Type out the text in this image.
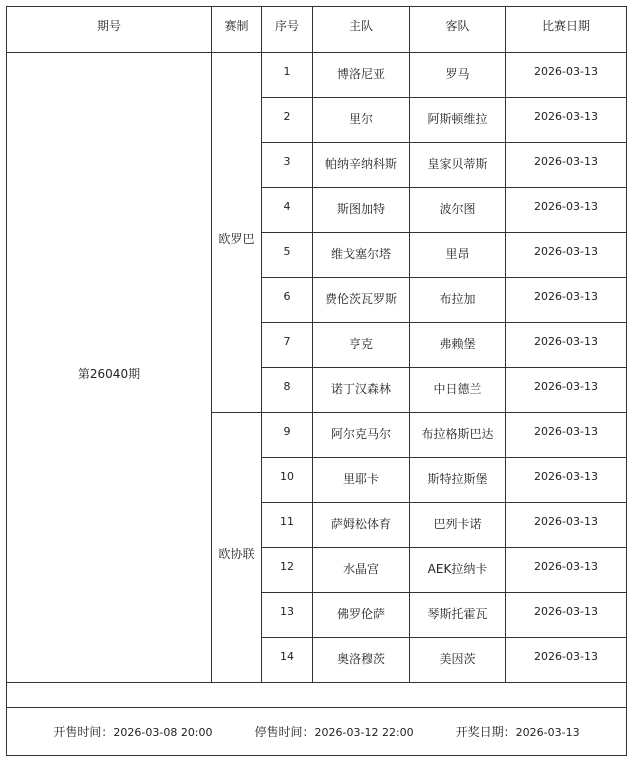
期号	赛制	序号	主队	客队	比赛日期
第26040期	欧罗巴	1	博洛尼亚	罗马	2026-03-13
		2	里尔	阿斯顿维拉	2026-03-13
		3	帕纳辛纳科斯	皇家贝蒂斯	2026-03-13
		4	斯图加特	波尔图	2026-03-13
		5	维戈塞尔塔	里昂	2026-03-13
		6	费伦茨瓦罗斯	布拉加	2026-03-13
		7	亨克	弗赖堡	2026-03-13
		8	诺丁汉森林	中日德兰	2026-03-13
	欧协联	9	阿尔克马尔	布拉格斯巴达	2026-03-13
		10	里耶卡	斯特拉斯堡	2026-03-13
		11	萨姆松体育	巴列卡诺	2026-03-13
		12	水晶宫	AEK拉纳卡	2026-03-13
		13	佛罗伦萨	琴斯托霍瓦	2026-03-13
		14	奥洛穆茨	美因茨	2026-03-13

开售时间：2026-03-08 20:00 停售时间：2026-03-12 22:00 开奖日期：2026-03-13					
